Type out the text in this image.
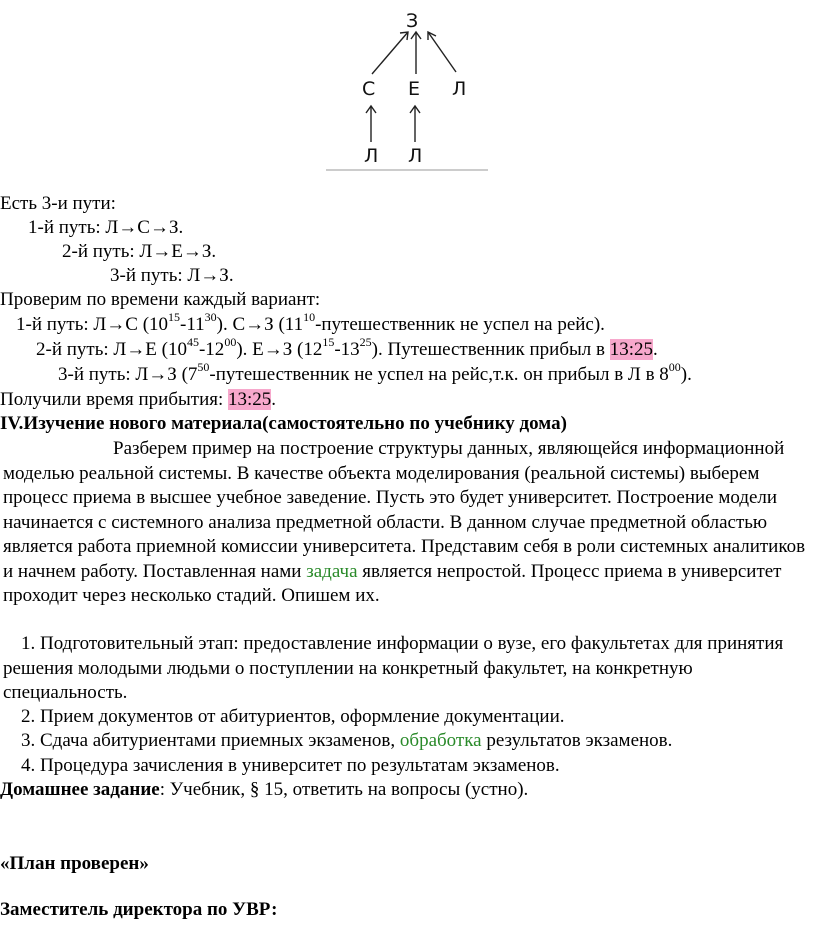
З
С Е Л
Л Л
Есть 3-и пути:
1-й путь: Л→С→З.
2-й путь: Л→Е→З.
3-й путь: Л→З.
Проверим по времени каждый вариант:
1-й путь: Л→С $(10^{15}-11^{30})$. С→З ($11^{10}$-путешественник не успел на рейс).
2-й путь: Л→Е $(10^{45}-12^{00})$. Е→З $(12^{15}-13^{25})$. Путешественник прибыл в 13:25.
3-й путь: Л→З ($7^{50}$-путешественник не успел на рейс,т.к. он прибыл в Л в $8^{00}$).
Получили время прибытия: 13:25.
IV.Изучение нового материала(самостоятельно по учебнику дома)
Разберем пример на построение структуры данных, являющейся информационной моделью реальной системы. В качестве объекта моделирования (реальной системы) выберем процесс приема в высшее учебное заведение. Пусть это будет университет. Построение модели начинается с системного анализа предметной области. В данном случае предметной областью является работа приемной комиссии университета. Представим себя в роли системных аналитиков и начнем работу. Поставленная нами задача является непростой. Процесс приема в университет проходит через несколько стадий. Опишем их.
1. Подготовительный этап: предоставление информации о вузе, его факультетах для принятия решения молодыми людьми о поступлении на конкретный факультет, на конкретную специальность.
2. Прием документов от абитуриентов, оформление документации.
3. Сдача абитуриентами приемных экзаменов, обработка результатов экзаменов.
4. Процедура зачисления в университет по результатам экзаменов.
Домашнее задание: Учебник, § 15, ответить на вопросы (устно).
«План проверен»
Заместитель директора по УВР:
